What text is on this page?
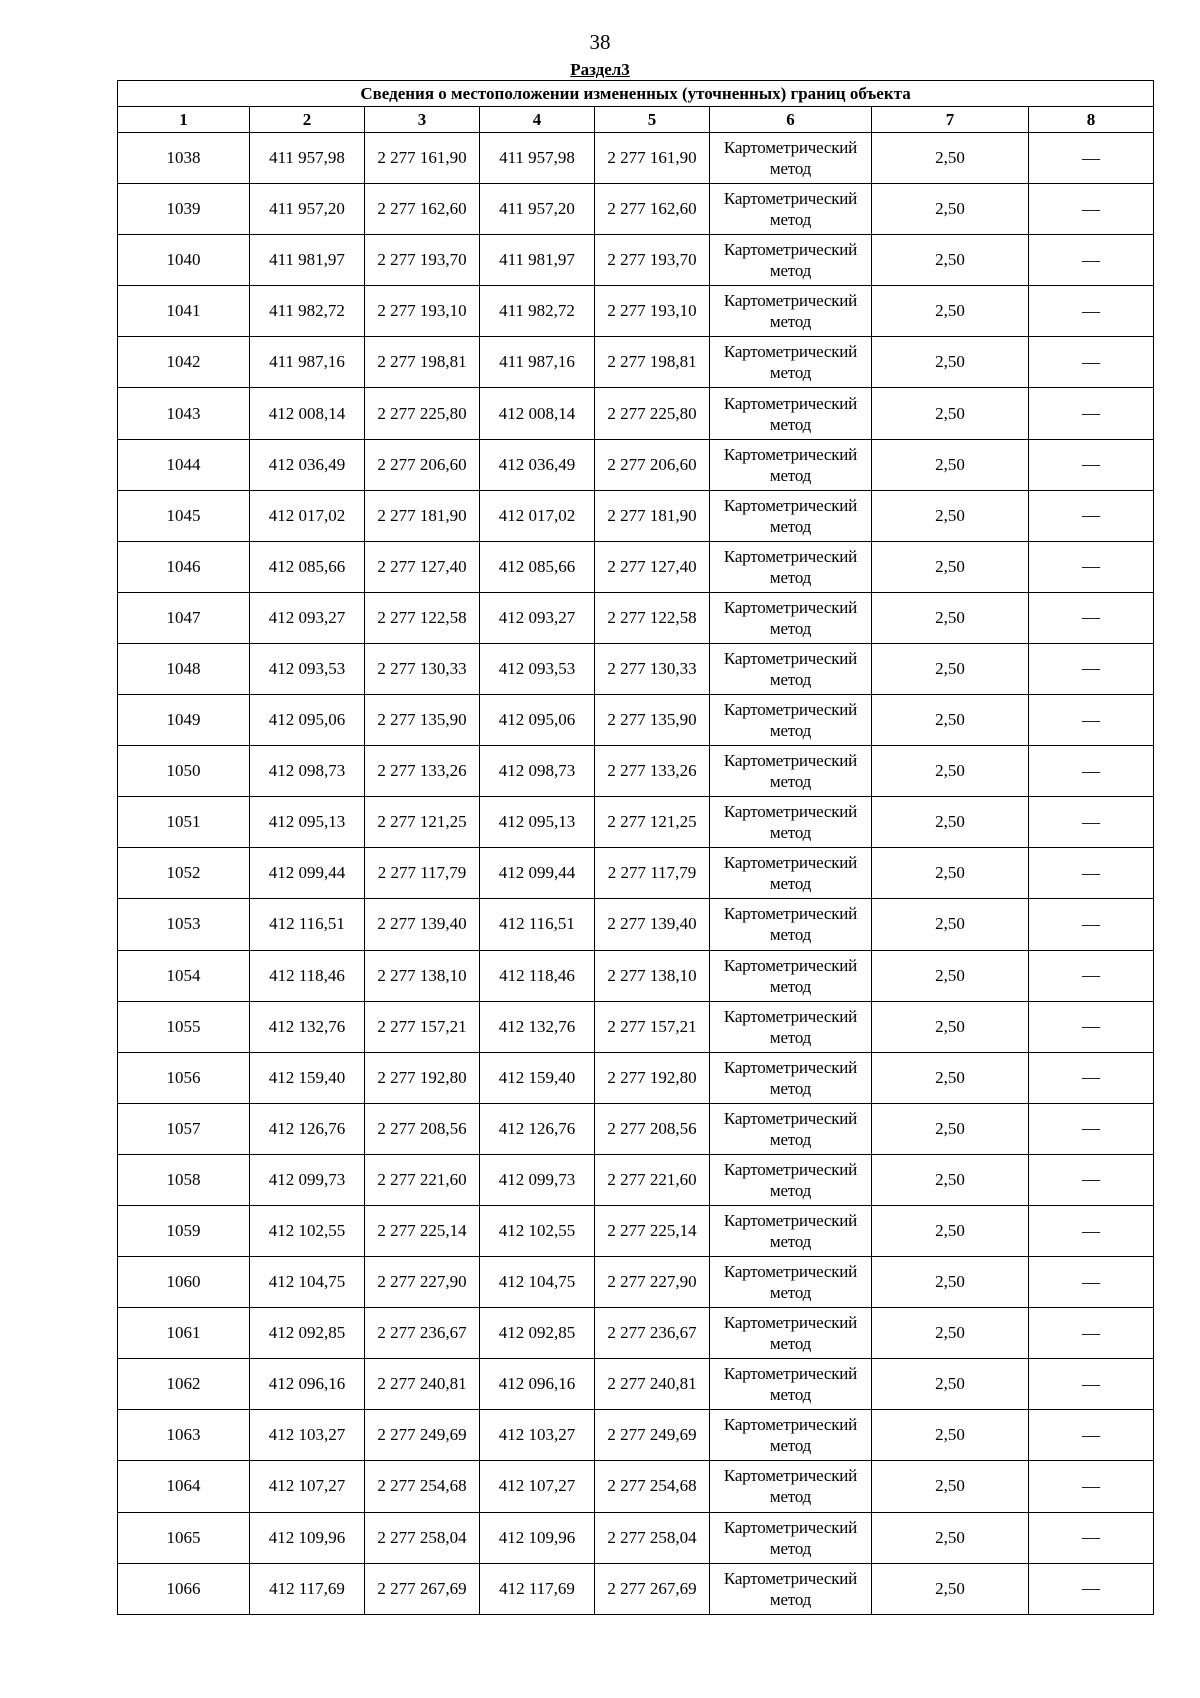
38
Раздел3
Сведения о местоположении измененных (уточненных) границ объекта							
1	2	3	4	5	6	7	8
1038	411 957,98	2 277 161,90	411 957,98	2 277 161,90	Картометрический метод	2,50	—
1039	411 957,20	2 277 162,60	411 957,20	2 277 162,60	Картометрический метод	2,50	—
1040	411 981,97	2 277 193,70	411 981,97	2 277 193,70	Картометрический метод	2,50	—
1041	411 982,72	2 277 193,10	411 982,72	2 277 193,10	Картометрический метод	2,50	—
1042	411 987,16	2 277 198,81	411 987,16	2 277 198,81	Картометрический метод	2,50	—
1043	412 008,14	2 277 225,80	412 008,14	2 277 225,80	Картометрический метод	2,50	—
1044	412 036,49	2 277 206,60	412 036,49	2 277 206,60	Картометрический метод	2,50	—
1045	412 017,02	2 277 181,90	412 017,02	2 277 181,90	Картометрический метод	2,50	—
1046	412 085,66	2 277 127,40	412 085,66	2 277 127,40	Картометрический метод	2,50	—
1047	412 093,27	2 277 122,58	412 093,27	2 277 122,58	Картометрический метод	2,50	—
1048	412 093,53	2 277 130,33	412 093,53	2 277 130,33	Картометрический метод	2,50	—
1049	412 095,06	2 277 135,90	412 095,06	2 277 135,90	Картометрический метод	2,50	—
1050	412 098,73	2 277 133,26	412 098,73	2 277 133,26	Картометрический метод	2,50	—
1051	412 095,13	2 277 121,25	412 095,13	2 277 121,25	Картометрический метод	2,50	—
1052	412 099,44	2 277 117,79	412 099,44	2 277 117,79	Картометрический метод	2,50	—
1053	412 116,51	2 277 139,40	412 116,51	2 277 139,40	Картометрический метод	2,50	—
1054	412 118,46	2 277 138,10	412 118,46	2 277 138,10	Картометрический метод	2,50	—
1055	412 132,76	2 277 157,21	412 132,76	2 277 157,21	Картометрический метод	2,50	—
1056	412 159,40	2 277 192,80	412 159,40	2 277 192,80	Картометрический метод	2,50	—
1057	412 126,76	2 277 208,56	412 126,76	2 277 208,56	Картометрический метод	2,50	—
1058	412 099,73	2 277 221,60	412 099,73	2 277 221,60	Картометрический метод	2,50	—
1059	412 102,55	2 277 225,14	412 102,55	2 277 225,14	Картометрический метод	2,50	—
1060	412 104,75	2 277 227,90	412 104,75	2 277 227,90	Картометрический метод	2,50	—
1061	412 092,85	2 277 236,67	412 092,85	2 277 236,67	Картометрический метод	2,50	—
1062	412 096,16	2 277 240,81	412 096,16	2 277 240,81	Картометрический метод	2,50	—
1063	412 103,27	2 277 249,69	412 103,27	2 277 249,69	Картометрический метод	2,50	—
1064	412 107,27	2 277 254,68	412 107,27	2 277 254,68	Картометрический метод	2,50	—
1065	412 109,96	2 277 258,04	412 109,96	2 277 258,04	Картометрический метод	2,50	—
1066	412 117,69	2 277 267,69	412 117,69	2 277 267,69	Картометрический метод	2,50	—
